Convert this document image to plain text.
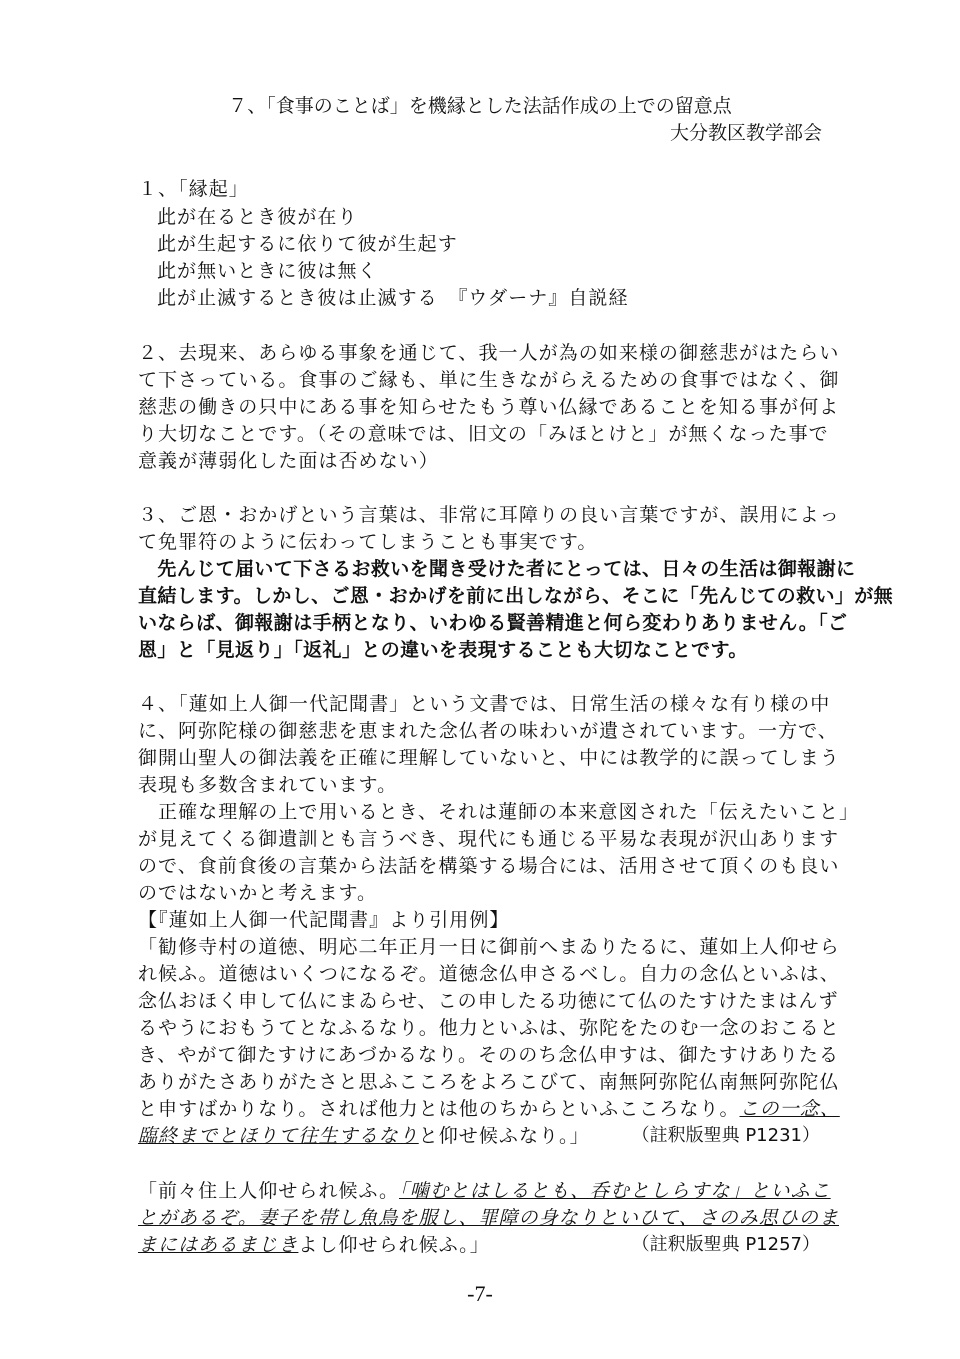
７、「食事のことば」を機縁とした法話作成の上での留意点
大分教区教学部会
１、「縁起」
此が在るとき彼が在り
此が生起するに依りて彼が生起す
此が無いときに彼は無く
此が止滅するとき彼は止滅する　『ウダーナ』自説経
２、去現来、あらゆる事象を通じて、我一人が為の如来様の御慈悲がはたらい
て下さっている。食事のご縁も、単に生きながらえるための食事ではなく、御
慈悲の働きの只中にある事を知らせたもう尊い仏縁であることを知る事が何よ
り大切なことです。（その意味では、旧文の「みほとけと」が無くなった事で
意義が薄弱化した面は否めない）
３、ご恩・おかげという言葉は、非常に耳障りの良い言葉ですが、誤用によっ
て免罪符のように伝わってしまうことも事実です。
　先んじて届いて下さるお救いを聞き受けた者にとっては、日々の生活は御報謝に
直結します。しかし、ご恩・おかげを前に出しながら、そこに「先んじての救い」が無
いならば、御報謝は手柄となり、いわゆる賢善精進と何ら変わりありません。「ご
恩」と「見返り」「返礼」との違いを表現することも大切なことです。
４、「蓮如上人御一代記聞書」という文書では、日常生活の様々な有り様の中
に、阿弥陀様の御慈悲を恵まれた念仏者の味わいが遺されています。一方で、
御開山聖人の御法義を正確に理解していないと、中には教学的に誤ってしまう
表現も多数含まれています。
　正確な理解の上で用いるとき、それは蓮師の本来意図された「伝えたいこと」
が見えてくる御遺訓とも言うべき、現代にも通じる平易な表現が沢山あります
ので、食前食後の言葉から法話を構築する場合には、活用させて頂くのも良い
のではないかと考えます。
【『蓮如上人御一代記聞書』より引用例】
「勧修寺村の道徳、明応二年正月一日に御前へまゐりたるに、蓮如上人仰せら
れ候ふ。道徳はいくつになるぞ。道徳念仏申さるべし。自力の念仏といふは、
念仏おほく申して仏にまゐらせ、この申したる功徳にて仏のたすけたまはんず
るやうにおもうてとなふるなり。他力といふは、弥陀をたのむ一念のおこると
き、やがて御たすけにあづかるなり。そののち念仏申すは、御たすけありたる
ありがたさありがたさと思ふこころをよろこびて、南無阿弥陀仏南無阿弥陀仏
と申すばかりなり。されば他力とは他のちからといふこころなり。この一念、
臨終までとほりて往生するなりと仰せ候ふなり。」 （註釈版聖典 P1231）
「前々住上人仰せられ候ふ。「噛むとはしるとも、呑むとしらすな」といふこ
とがあるぞ。妻子を帯し魚鳥を服し、罪障の身なりといひて、さのみ思ひのま
まにはあるまじきよし仰せられ候ふ。」	（註釈版聖典 P1257）
-7-
